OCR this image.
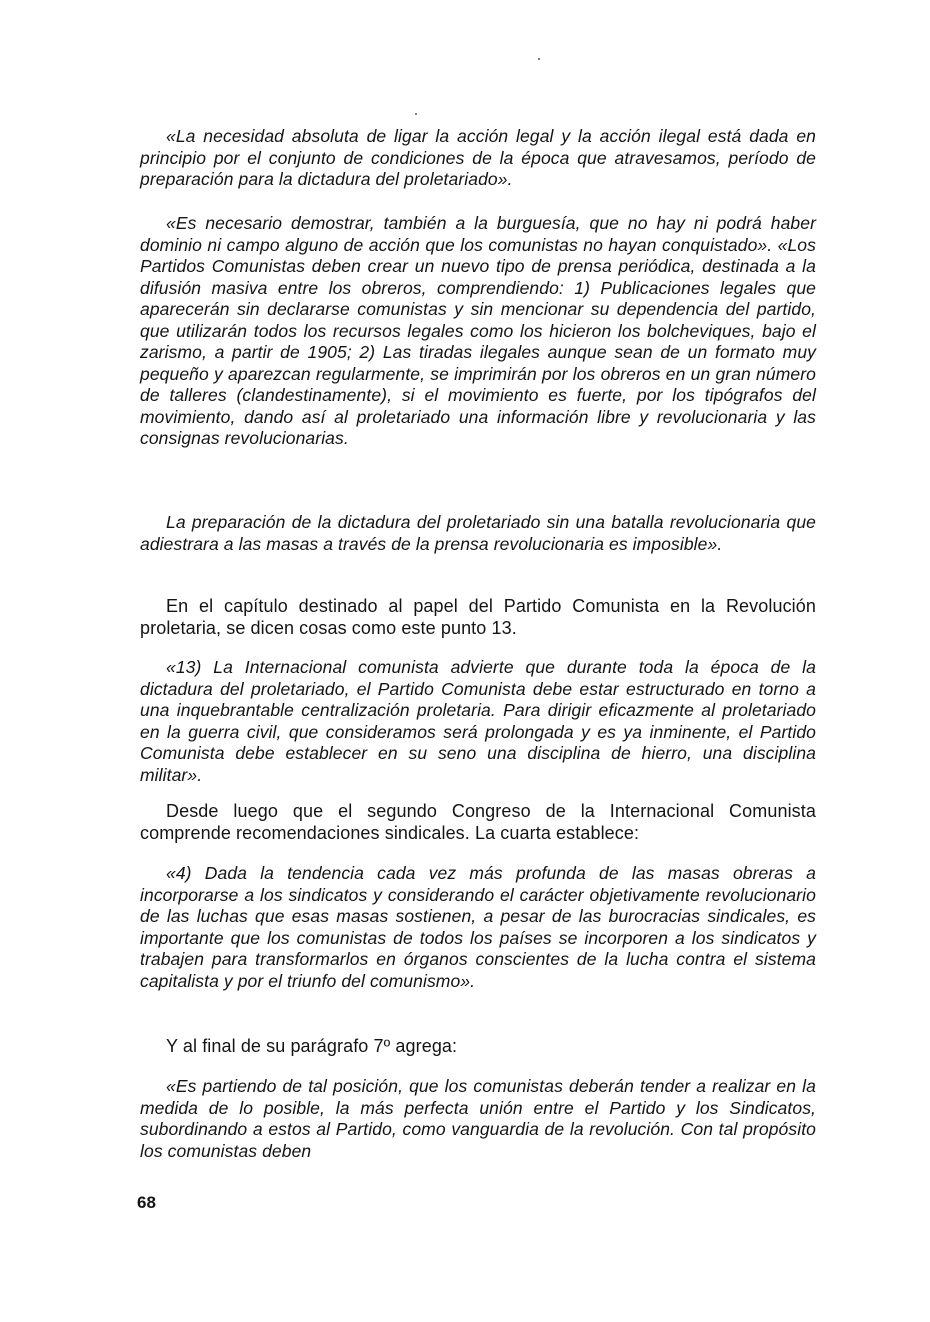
«La necesidad absoluta de ligar la acción legal y la acción ilegal está dada en principio por el conjunto de condiciones de la época que atravesamos, período de preparación para la dictadura del proletariado».

«Es necesario demostrar, también a la burguesía, que no hay ni podrá haber dominio ni campo alguno de acción que los comunistas no hayan conquistado». «Los Partidos Comunistas deben crear un nuevo tipo de prensa periódica, destinada a la difusión masiva entre los obreros, comprendiendo: 1) Publicaciones legales que aparecerán sin declararse comunistas y sin mencionar su dependencia del partido, que utilizarán todos los recursos legales como los hicieron los bolcheviques, bajo el zarismo, a partir de 1905; 2) Las tiradas ilegales aunque sean de un formato muy pequeño y aparezcan regularmente, se imprimirán por los obreros en un gran número de talleres (clandestinamente), si el movimiento es fuerte, por los tipógrafos del movimiento, dando así al proletariado una información libre y revolucionaria y las consignas revolucionarias.

La preparación de la dictadura del proletariado sin una batalla revolucionaria que adiestrara a las masas a través de la prensa revolucionaria es imposible».

En el capítulo destinado al papel del Partido Comunista en la Revolución proletaria, se dicen cosas como este punto 13.

«13) La Internacional comunista advierte que durante toda la época de la dictadura del proletariado, el Partido Comunista debe estar estructurado en torno a una inquebrantable centralización proletaria. Para dirigir eficazmente al proletariado en la guerra civil, que consideramos será prolongada y es ya inminente, el Partido Comunista debe establecer en su seno una disciplina de hierro, una disciplina militar».

Desde luego que el segundo Congreso de la Internacional Comunista comprende recomendaciones sindicales. La cuarta establece:

«4) Dada la tendencia cada vez más profunda de las masas obreras a incorporarse a los sindicatos y considerando el carácter objetivamente revolucionario de las luchas que esas masas sostienen, a pesar de las burocracias sindicales, es importante que los comunistas de todos los países se incorporen a los sindicatos y trabajen para transformarlos en órganos conscientes de la lucha contra el sistema capitalista y por el triunfo del comunismo».

Y al final de su parágrafo 7º agrega:

«Es partiendo de tal posición, que los comunistas deberán tender a realizar en la medida de lo posible, la más perfecta unión entre el Partido y los Sindicatos, subordinando a estos al Partido, como vanguardia de la revolución. Con tal propósito los comunistas deben

68
